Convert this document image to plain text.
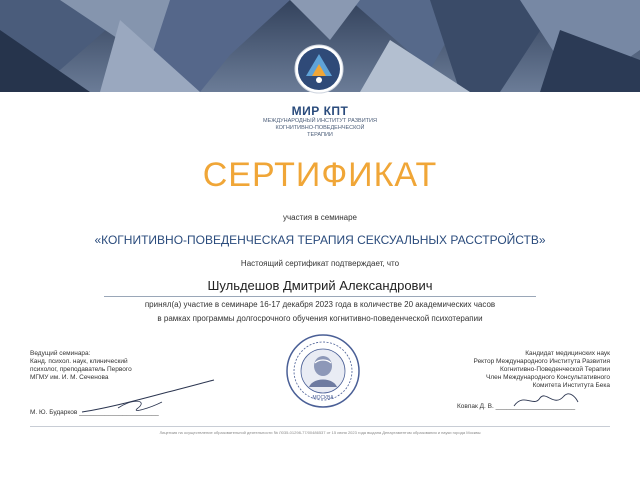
МИР КПТ
МЕЖДУНАРОДНЫЙ ИНСТИТУТ РАЗВИТИЯ
КОГНИТИВНО-ПОВЕДЕНЧЕСКОЙ
ТЕРАПИИ
СЕРТИФИКАТ
участия в семинаре
«КОГНИТИВНО-ПОВЕДЕНЧЕСКАЯ ТЕРАПИЯ СЕКСУАЛЬНЫХ РАССТРОЙСТВ»
Настоящий сертификат подтверждает, что
Шульдешов Дмитрий Александрович
принял(а) участие в семинаре 16-17 декабря 2023 года в количестве 20 академических часов
в рамках программы долгосрочного обучения когнитивно-поведенческой психотерапии
Ведущий семинара:
Канд. психол. наук, клинический
психолог, преподаватель Первого
МГМУ им. И. М. Сеченова
М. Ю. Бударков ______________________
Кандидат медицинских наук
Ректор Международного Института Развития
Когнитивно-Поведенческой Терапии
Член Международного Консультативного
Комитета Института Бека
Ковпак Д. В. ______________________
МОСКВА
Лицензия на осуществление образовательной деятельности № Л035-01298-77/00486537 от 15 июня 2023 года выдана Департаментом образования и науки города Москвы
